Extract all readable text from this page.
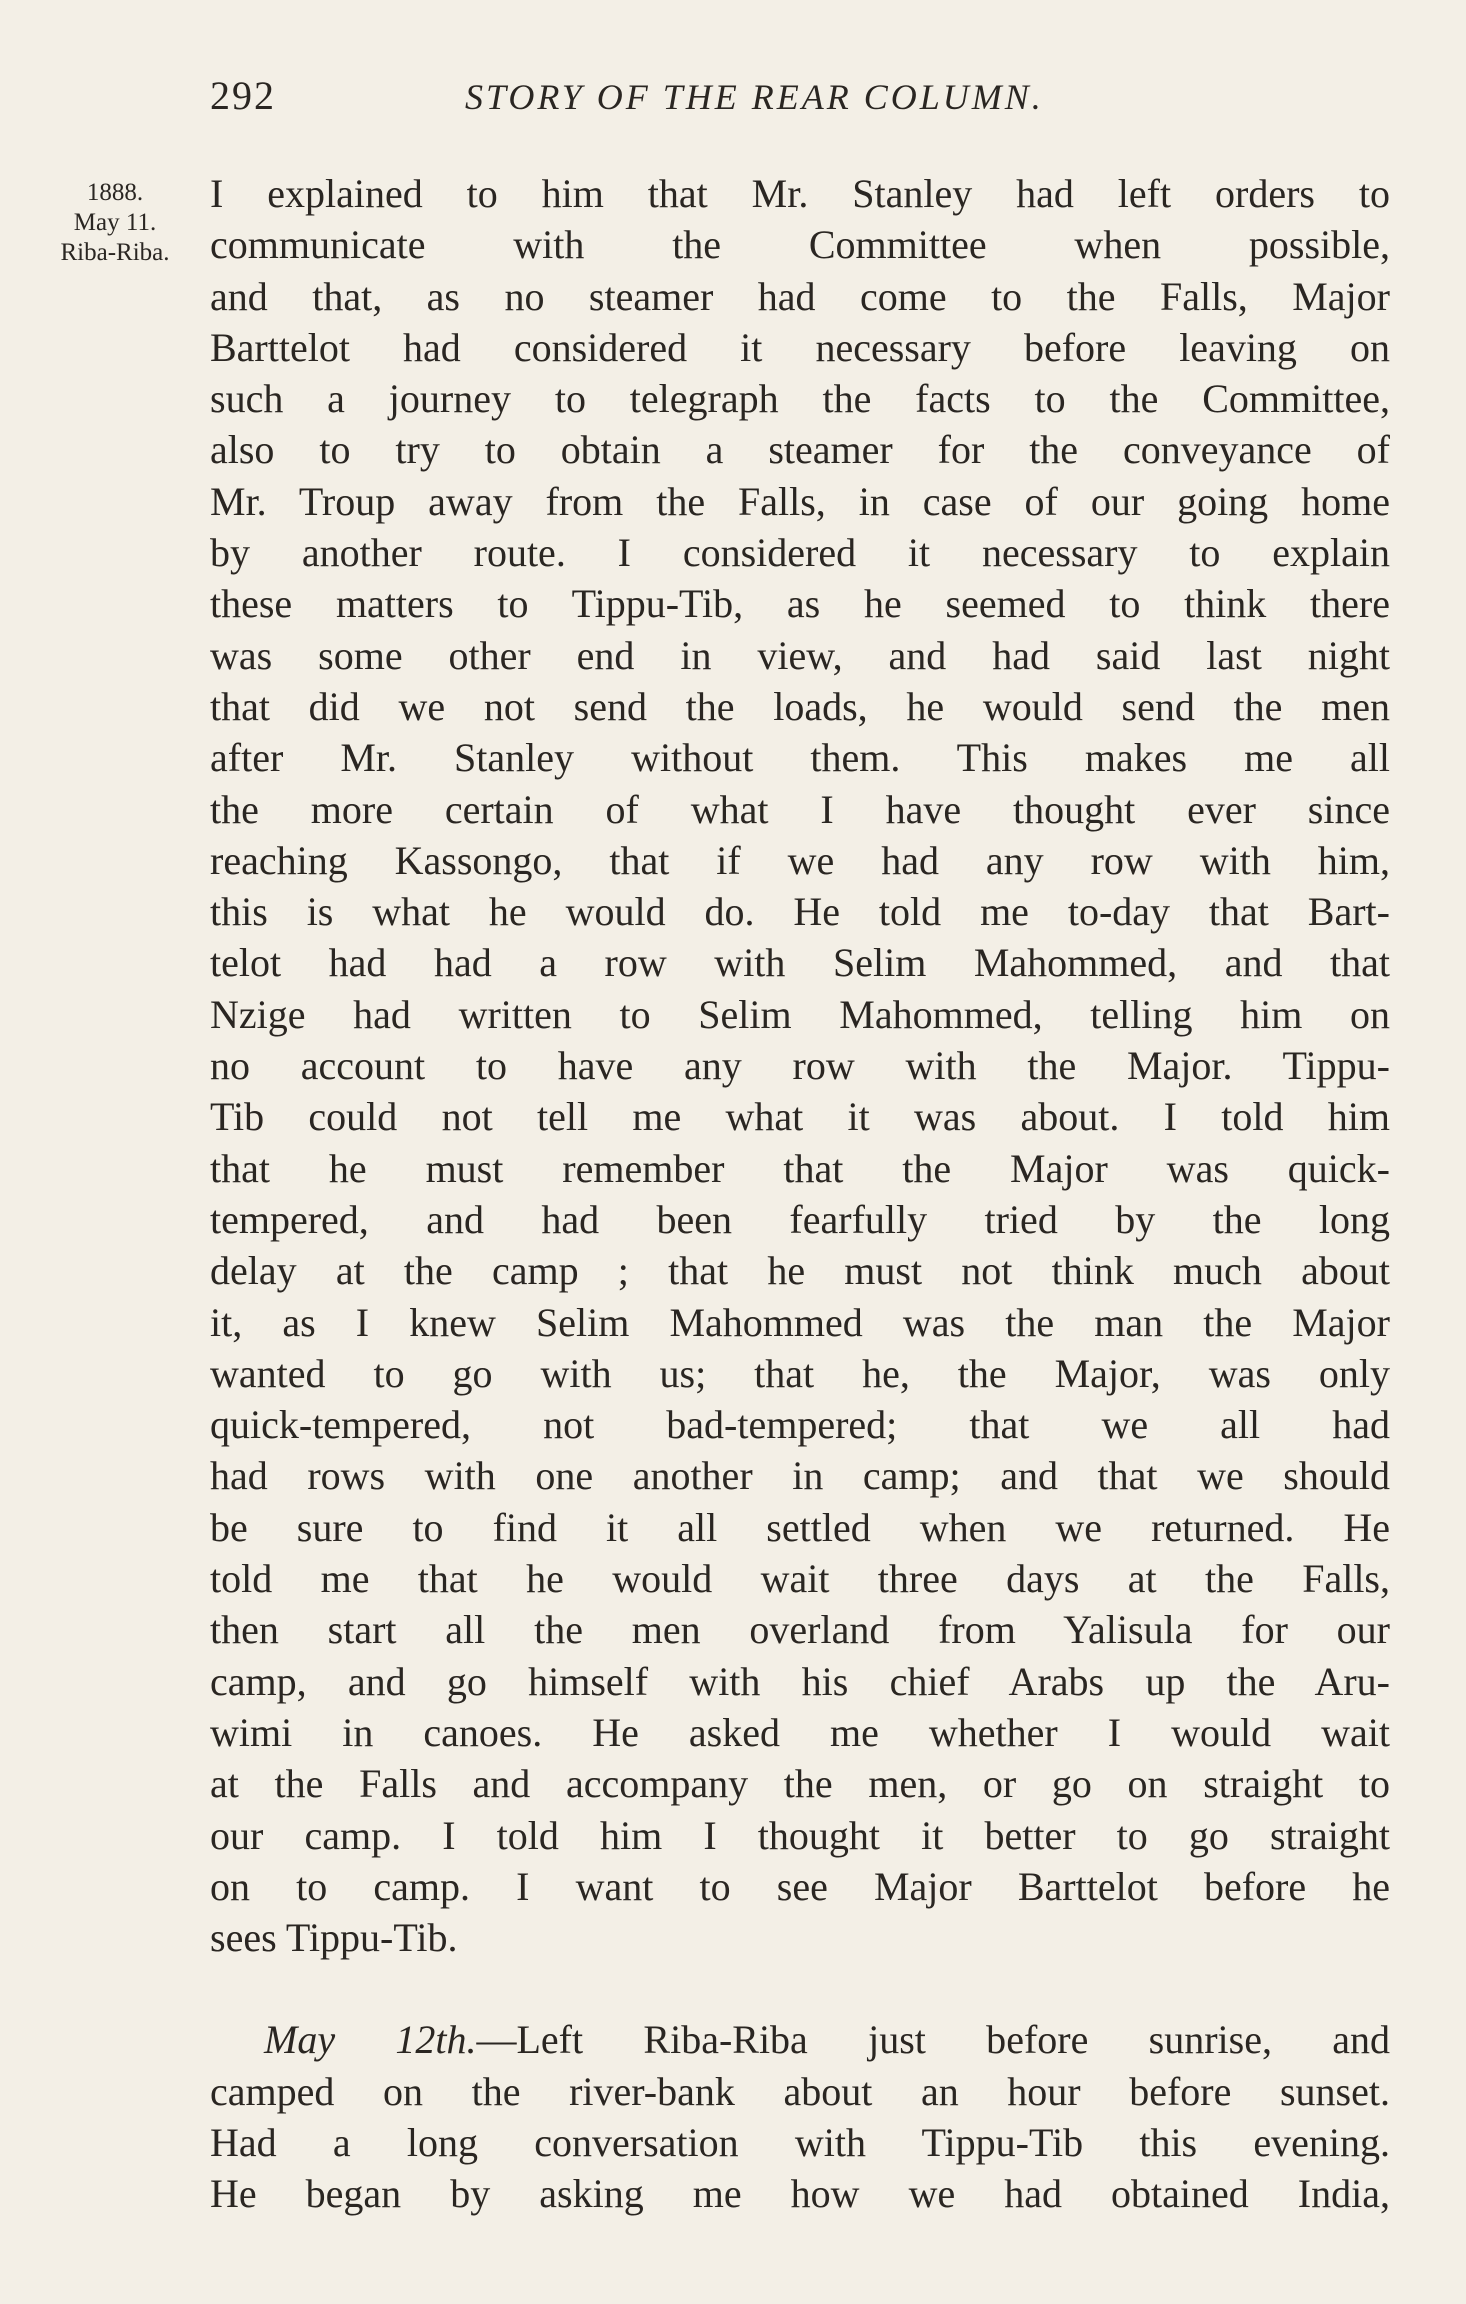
292	STORY OF THE REAR COLUMN.
1888.
May 11.
Riba-Riba.
I explained to him that Mr. Stanley had left orders to
communicate with the Committee when possible,
and that, as no steamer had come to the Falls, Major
Barttelot had considered it necessary before leaving on
such a journey to telegraph the facts to the Committee,
also to try to obtain a steamer for the conveyance of
Mr. Troup away from the Falls, in case of our going home
by another route. I considered it necessary to explain
these matters to Tippu-Tib, as he seemed to think there
was some other end in view, and had said last night
that did we not send the loads, he would send the men
after Mr. Stanley without them. This makes me all
the more certain of what I have thought ever since
reaching Kassongo, that if we had any row with him,
this is what he would do. He told me to-day that Bart-
telot had had a row with Selim Mahommed, and that
Nzige had written to Selim Mahommed, telling him on
no account to have any row with the Major. Tippu-
Tib could not tell me what it was about. I told him
that he must remember that the Major was quick-
tempered, and had been fearfully tried by the long
delay at the camp ; that he must not think much about
it, as I knew Selim Mahommed was the man the Major
wanted to go with us; that he, the Major, was only
quick-tempered, not bad-tempered; that we all had
had rows with one another in camp; and that we should
be sure to find it all settled when we returned. He
told me that he would wait three days at the Falls,
then start all the men overland from Yalisula for our
camp, and go himself with his chief Arabs up the Aru-
wimi in canoes. He asked me whether I would wait
at the Falls and accompany the men, or go on straight to
our camp. I told him I thought it better to go straight
on to camp. I want to see Major Barttelot before he
sees Tippu-Tib.
May 12th.—Left Riba-Riba just before sunrise, and
camped on the river-bank about an hour before sunset.
Had a long conversation with Tippu-Tib this evening.
He began by asking me how we had obtained India,
